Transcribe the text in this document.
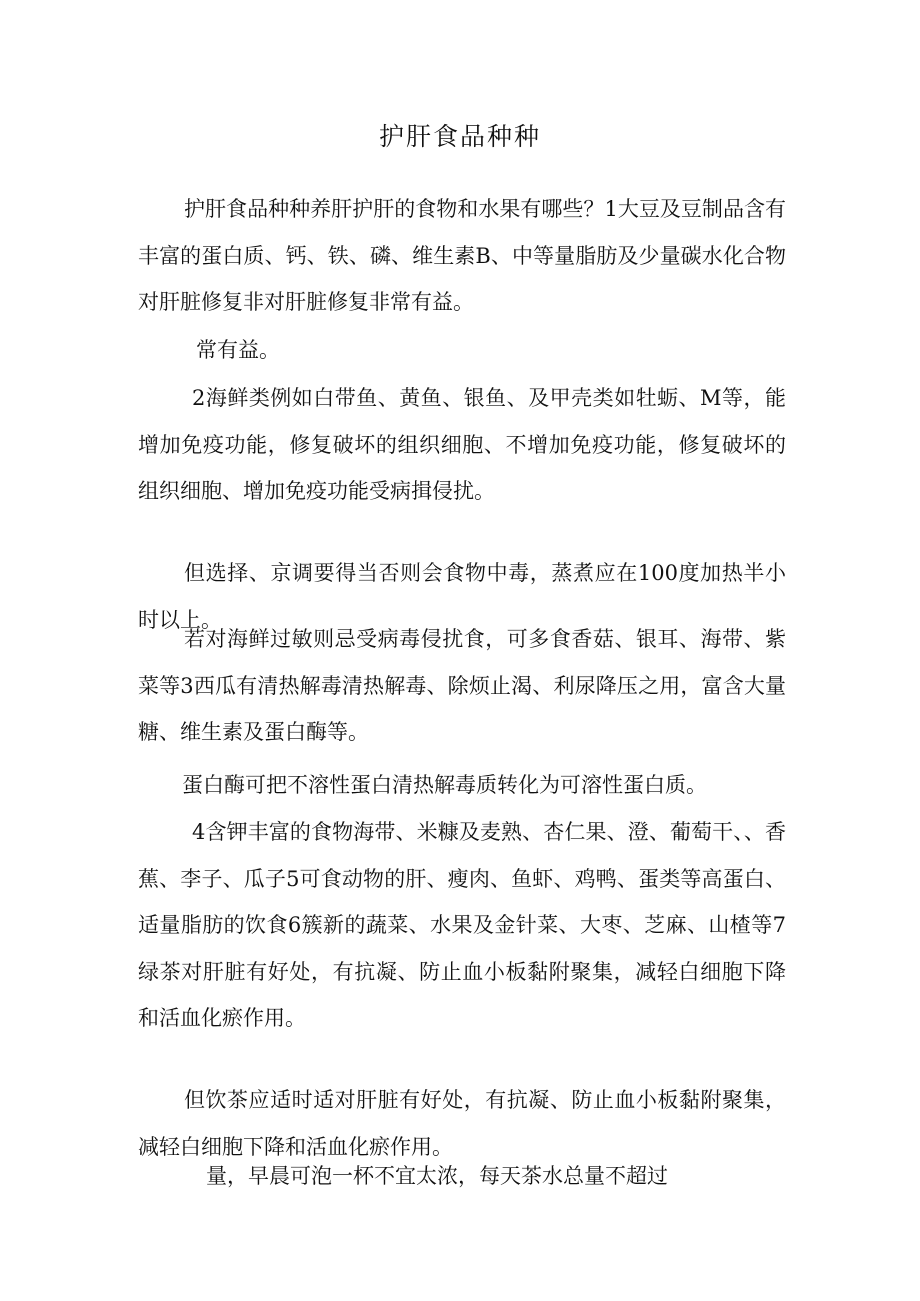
护肝食品种种

护肝食品种种养肝护肝的食物和水果有哪些？1大豆及豆制品含有丰富的蛋白质、钙、铁、磷、维生素B、中等量脂肪及少量碳水化合物对肝脏修复非对肝脏修复非常有益。

常有益。

2海鲜类例如白带鱼、黄鱼、银鱼、及甲壳类如牡蛎、M等，能增加免疫功能，修复破坏的组织细胞、不增加免疫功能，修复破坏的组织细胞、增加免疫功能受病揖侵扰。

但选择、京调要得当否则会食物中毒，蒸煮应在100度加热半小时以上。

若对海鲜过敏则忌受病毒侵扰食，可多食香菇、银耳、海带、紫菜等3西瓜有清热解毒清热解毒、除烦止渴、利尿降压之用，富含大量糖、维生素及蛋白酶等。

蛋白酶可把不溶性蛋白清热解毒质转化为可溶性蛋白质。

4含钾丰富的食物海带、米糠及麦熟、杏仁果、澄、葡萄干、、香蕉、李子、瓜子5可食动物的肝、瘦肉、鱼虾、鸡鸭、蛋类等高蛋白、适量脂肪的饮食6簇新的蔬菜、水果及金针菜、大枣、芝麻、山楂等7绿茶对肝脏有好处，有抗凝、防止血小板黏附聚集，减轻白细胞下降和活血化瘀作用。

但饮茶应适时适对肝脏有好处，有抗凝、防止血小板黏附聚集，减轻白细胞下降和活血化瘀作用。

量，早晨可泡一杯不宜太浓，每天茶水总量不超过
